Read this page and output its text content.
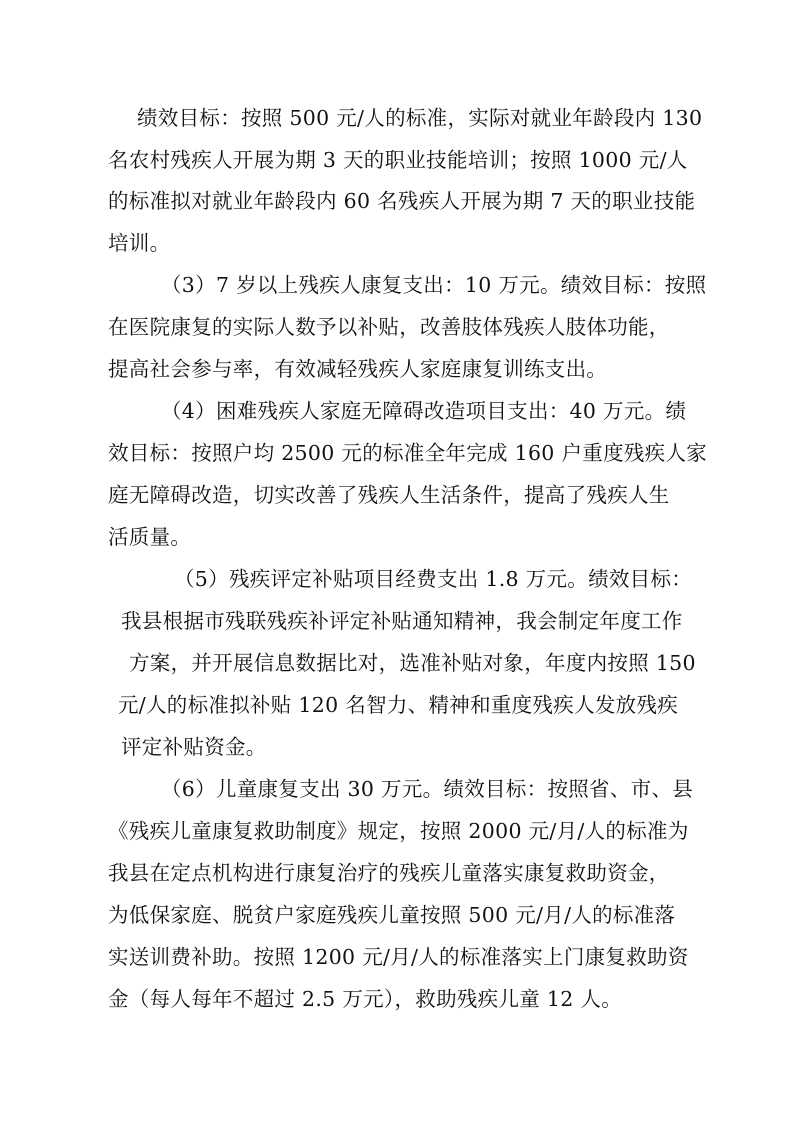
绩效目标：按照 500 元/人的标准，实际对就业年龄段内 130
名农村残疾人开展为期 3 天的职业技能培训；按照 1000 元/人
的标准拟对就业年龄段内 60 名残疾人开展为期 7 天的职业技能
培训。
（3）7 岁以上残疾人康复支出：10 万元。绩效目标：按照
在医院康复的实际人数予以补贴，改善肢体残疾人肢体功能，
提高社会参与率，有效减轻残疾人家庭康复训练支出。
（4）困难残疾人家庭无障碍改造项目支出：40 万元。绩
效目标：按照户均 2500 元的标准全年完成 160 户重度残疾人家
庭无障碍改造，切实改善了残疾人生活条件，提高了残疾人生
活质量。
（5）残疾评定补贴项目经费支出 1.8 万元。绩效目标：
我县根据市残联残疾补评定补贴通知精神，我会制定年度工作
方案，并开展信息数据比对，选准补贴对象，年度内按照 150
元/人的标准拟补贴 120 名智力、精神和重度残疾人发放残疾
评定补贴资金。
（6）儿童康复支出 30 万元。绩效目标：按照省、市、县
《残疾儿童康复救助制度》规定，按照 2000 元/月/人的标准为
我县在定点机构进行康复治疗的残疾儿童落实康复救助资金，
为低保家庭、脱贫户家庭残疾儿童按照 500 元/月/人的标准落
实送训费补助。按照 1200 元/月/人的标准落实上门康复救助资
金（每人每年不超过 2.5 万元），救助残疾儿童 12 人。
